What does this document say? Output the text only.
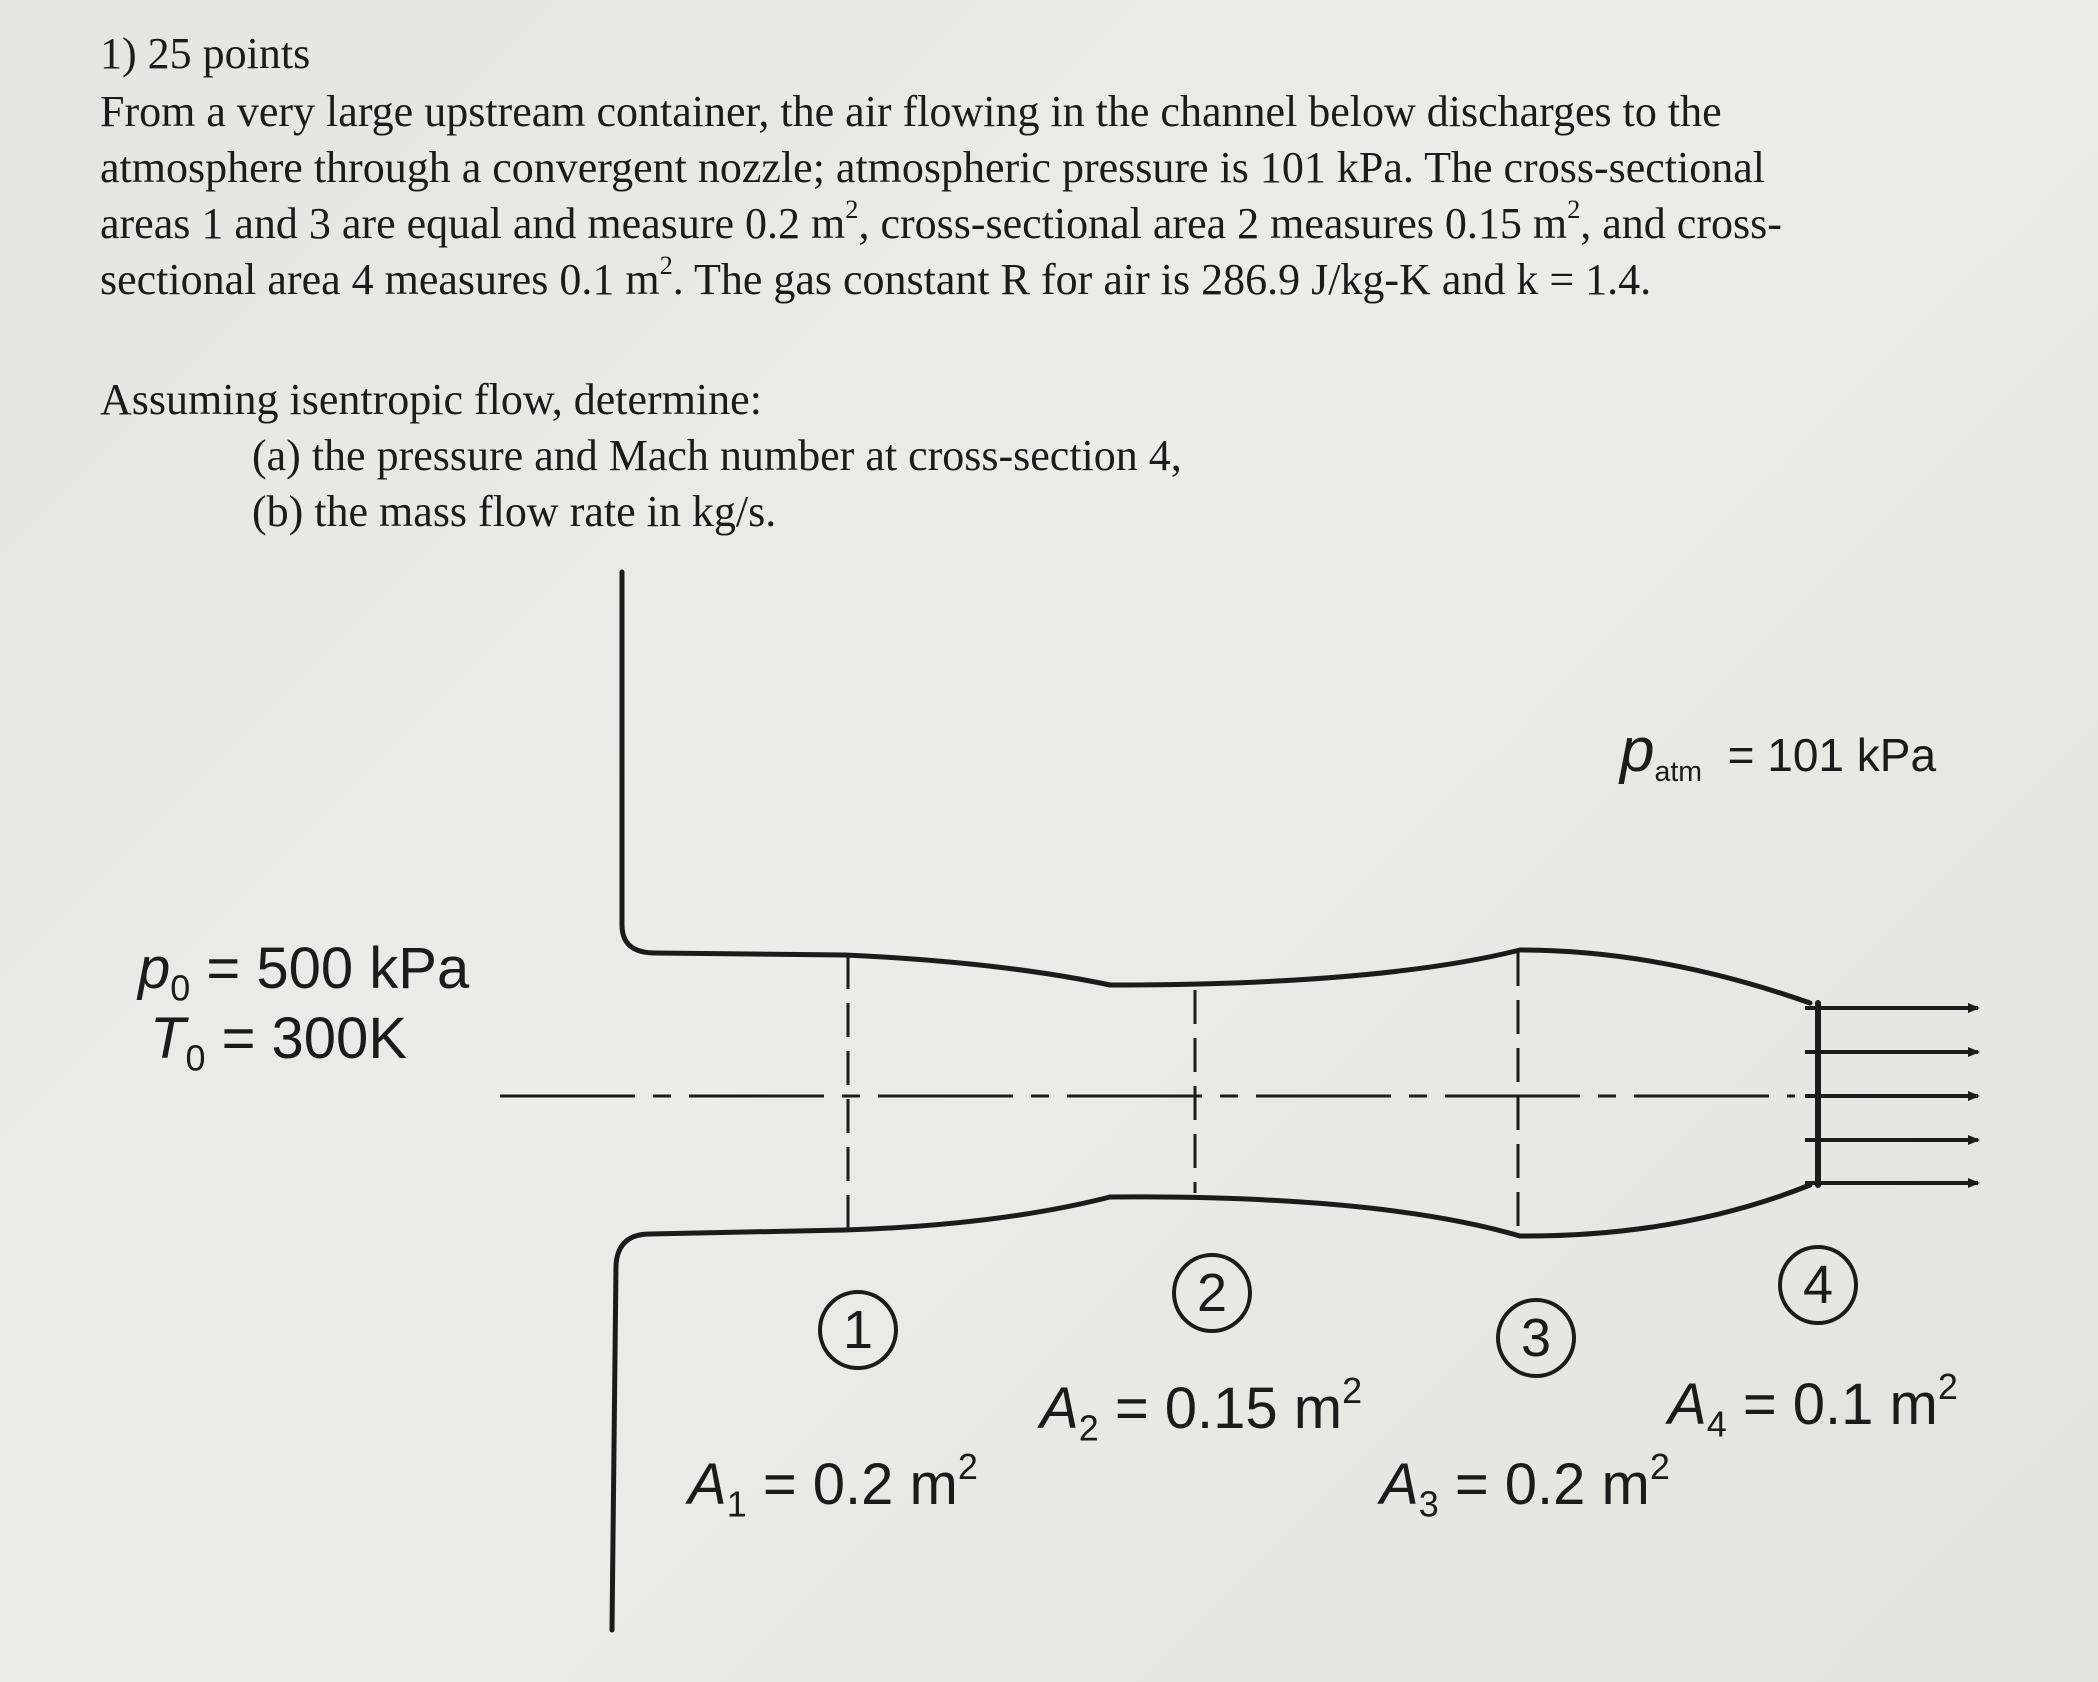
1) 25 points
From a very large upstream container, the air flowing in the channel below discharges to the
atmosphere through a convergent nozzle; atmospheric pressure is 101 kPa. The cross-sectional
areas 1 and 3 are equal and measure 0.2 $m^2$, cross-sectional area 2 measures 0.15 $m^2$, and cross-
sectional area 4 measures 0.1 $m^2$. The gas constant R for air is 286.9 J/kg-K and k = 1.4.
Assuming isentropic flow, determine:
(a) the pressure and Mach number at cross-section 4,
(b) the mass flow rate in kg/s.
$p_0 = 500$ kPa
$T_0 = 300K$
$p_{atm} = 101$ kPa
1
2
3
4
$A_1 = 0.2$ $m^2$
$A_2 = 0.15$ $m^2$
$A_3 = 0.2$ $m^2$
$A_4 = 0.1$ $m^2$
